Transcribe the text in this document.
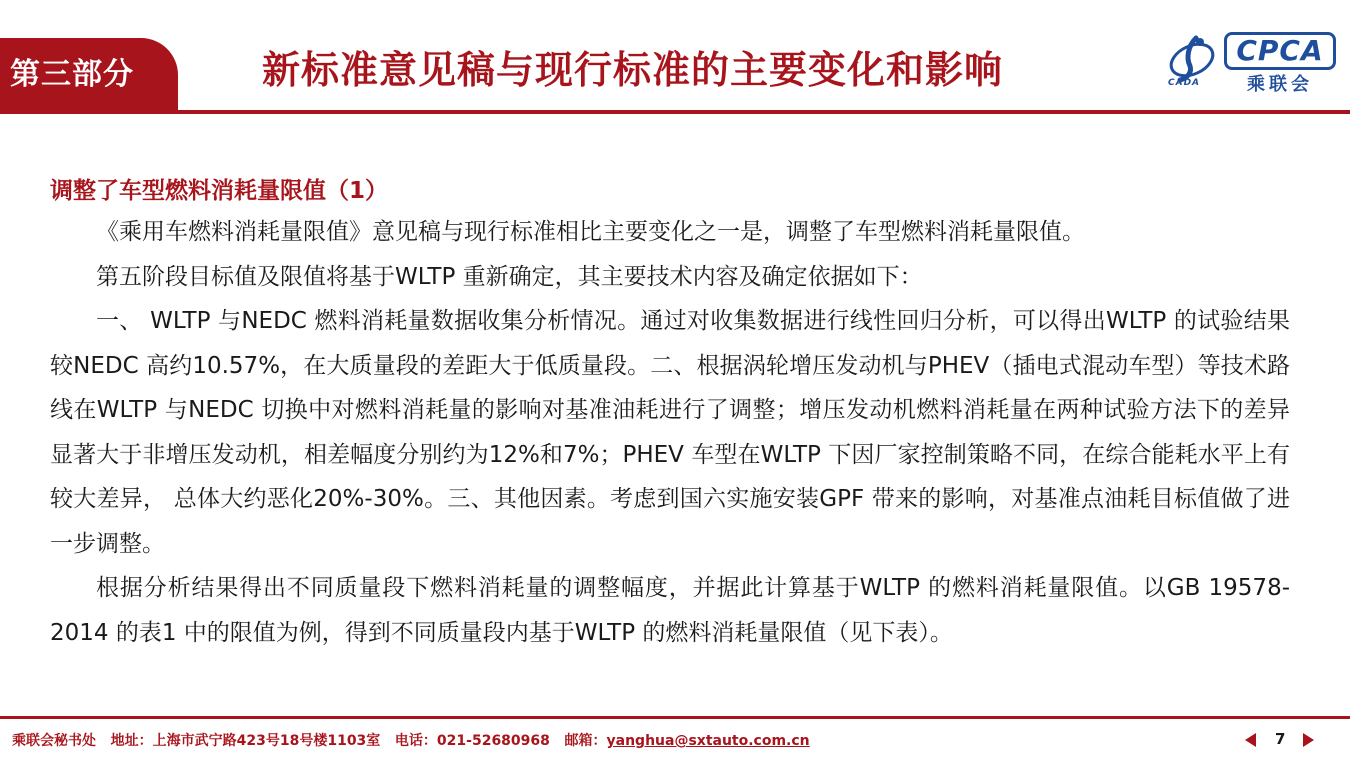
第三部分	新标准意见稿与现行标准的主要变化和影响	CADA
CPCA
乘联会
调整了车型燃料消耗量限值（1）

《乘用车燃料消耗量限值》意见稿与现行标准相比主要变化之一是，调整了车型燃料消耗量限值。

第五阶段目标值及限值将基于WLTP 重新确定，其主要技术内容及确定依据如下：

一、 WLTP 与NEDC 燃料消耗量数据收集分析情况。通过对收集数据进行线性回归分析，可以得出WLTP 的试验结果较NEDC 高约10.57%，在大质量段的差距大于低质量段。二、根据涡轮增压发动机与PHEV（插电式混动车型）等技术路线在WLTP 与NEDC 切换中对燃料消耗量的影响对基准油耗进行了调整；增压发动机燃料消耗量在两种试验方法下的差异显著大于非增压发动机，相差幅度分别约为12%和7%；PHEV 车型在WLTP 下因厂家控制策略不同，在综合能耗水平上有较大差异， 总体大约恶化20%-30%。三、其他因素。考虑到国六实施安装GPF 带来的影响，对基准点油耗目标值做了进一步调整。

根据分析结果得出不同质量段下燃料消耗量的调整幅度，并据此计算基于WLTP 的燃料消耗量限值。以GB 19578-2014 的表1 中的限值为例，得到不同质量段内基于WLTP 的燃料消耗量限值（见下表）。

乘联会秘书处 地址：上海市武宁路423号18号楼1103室 电话：021-52680968 邮箱：yanghua@sxtauto.com.cn	7
